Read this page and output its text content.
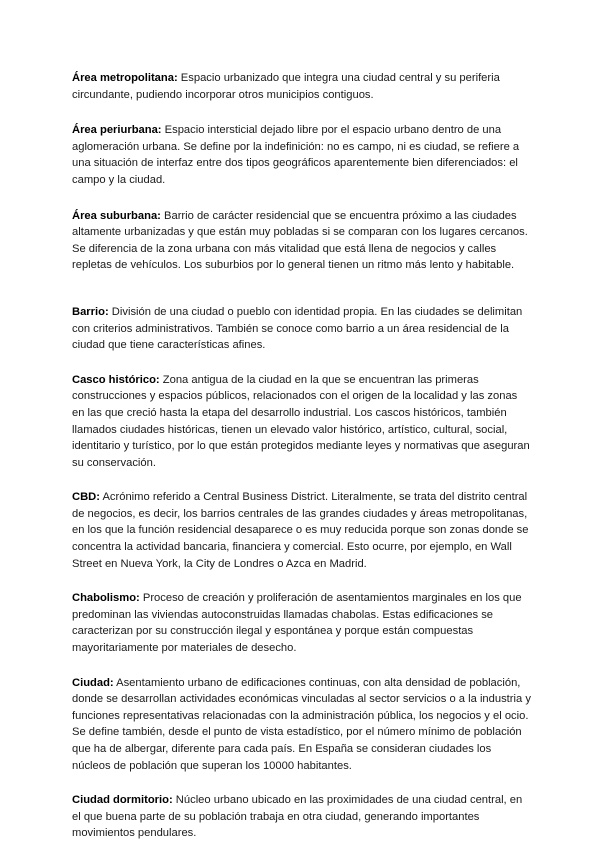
Área metropolitana: Espacio urbanizado que integra una ciudad central y su periferia circundante, pudiendo incorporar otros municipios contiguos.

Área periurbana: Espacio intersticial dejado libre por el espacio urbano dentro de una aglomeración urbana. Se define por la indefinición: no es campo, ni es ciudad, se refiere a una situación de interfaz entre dos tipos geográficos aparentemente bien diferenciados: el campo y la ciudad.

Área suburbana: Barrio de carácter residencial que se encuentra próximo a las ciudades altamente urbanizadas y que están muy pobladas si se comparan con los lugares cercanos. Se diferencia de la zona urbana con más vitalidad que está llena de negocios y calles repletas de vehículos. Los suburbios por lo general tienen un ritmo más lento y habitable.

Barrio: División de una ciudad o pueblo con identidad propia. En las ciudades se delimitan con criterios administrativos. También se conoce como barrio a un área residencial de la ciudad que tiene características afines.

Casco histórico: Zona antigua de la ciudad en la que se encuentran las primeras construcciones y espacios públicos, relacionados con el origen de la localidad y las zonas en las que creció hasta la etapa del desarrollo industrial. Los cascos históricos, también llamados ciudades históricas, tienen un elevado valor histórico, artístico, cultural, social, identitario y turístico, por lo que están protegidos mediante leyes y normativas que aseguran su conservación.

CBD: Acrónimo referido a Central Business District. Literalmente, se trata del distrito central de negocios, es decir, los barrios centrales de las grandes ciudades y áreas metropolitanas, en los que la función residencial desaparece o es muy reducida porque son zonas donde se concentra la actividad bancaria, financiera y comercial. Esto ocurre, por ejemplo, en Wall Street en Nueva York, la City de Londres o Azca en Madrid.

Chabolismo: Proceso de creación y proliferación de asentamientos marginales en los que predominan las viviendas autoconstruidas llamadas chabolas. Estas edificaciones se caracterizan por su construcción ilegal y espontánea y porque están compuestas mayoritariamente por materiales de desecho.

Ciudad: Asentamiento urbano de edificaciones continuas, con alta densidad de población, donde se desarrollan actividades económicas vinculadas al sector servicios o a la industria y funciones representativas relacionadas con la administración pública, los negocios y el ocio. Se define también, desde el punto de vista estadístico, por el número mínimo de población que ha de albergar, diferente para cada país. En España se consideran ciudades los núcleos de población que superan los 10000 habitantes.

Ciudad dormitorio: Núcleo urbano ubicado en las proximidades de una ciudad central, en el que buena parte de su población trabaja en otra ciudad, generando importantes movimientos pendulares.
